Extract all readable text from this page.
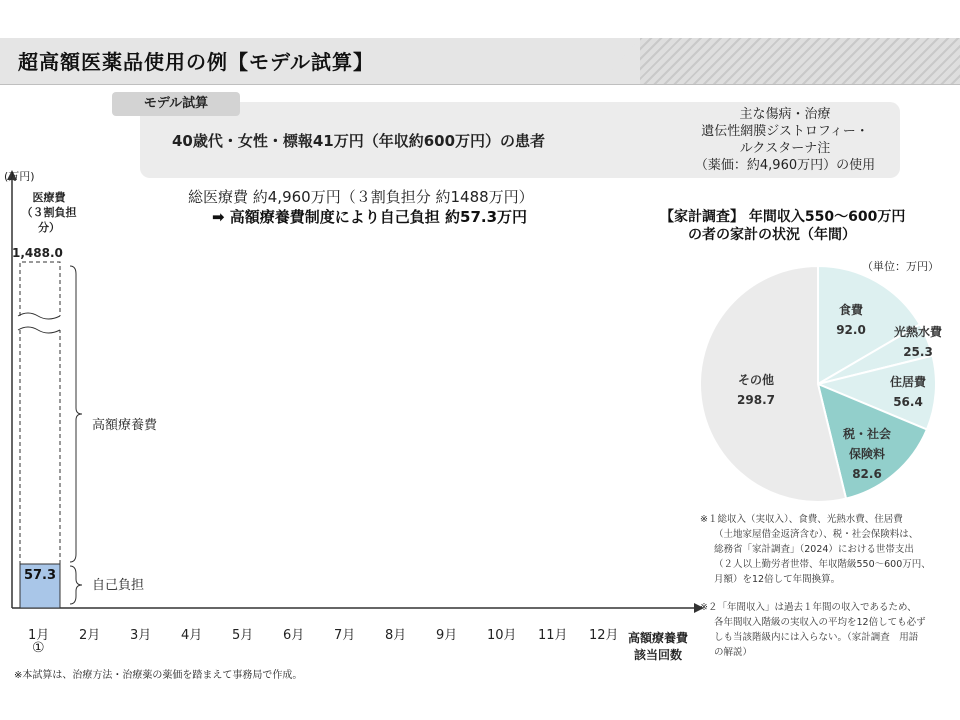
超高額医薬品使用の例【モデル試算】
モデル試算
40歳代・女性・標報41万円（年収約600万円）の患者
主な傷病・治療
遺伝性網膜ジストロフィー・
ルクスターナ注
（薬価：約4,960万円）の使用
総医療費 約4,960万円（３割負担分 約1488万円）
➡ 高額療養費制度により自己負担 約57.3万円
(万円)
医療費
（３割負担分）
1,488.0
高額療養費
自己負担
57.3
1月 2月 3月 4月 5月 6月 7月 8月 9月 10月 11月 12月
①
高額療養費
該当回数
※本試算は、治療方法・治療薬の薬価を踏まえて事務局で作成。
【家計調査】 年間収入550～600万円
の者の家計の状況（年間）
（単位：万円）
食費
92.0	光熱水費
25.3
住居費
56.4
税・社会
保険料
82.6
その他
298.7
※１総収入（実収入）、食費、光熱水費、住居費
（土地家屋借金返済含む）、税・社会保険料は、
総務省「家計調査」（2024）における世帯支出
（２人以上勤労者世帯、年収階級550～600万円、
月額）を12倍して年間換算。
※２「年間収入」は過去１年間の収入であるため、
各年間収入階級の実収入の平均を12倍しても必ず
しも当該階級内には入らない。（家計調査　用語
の解説）
